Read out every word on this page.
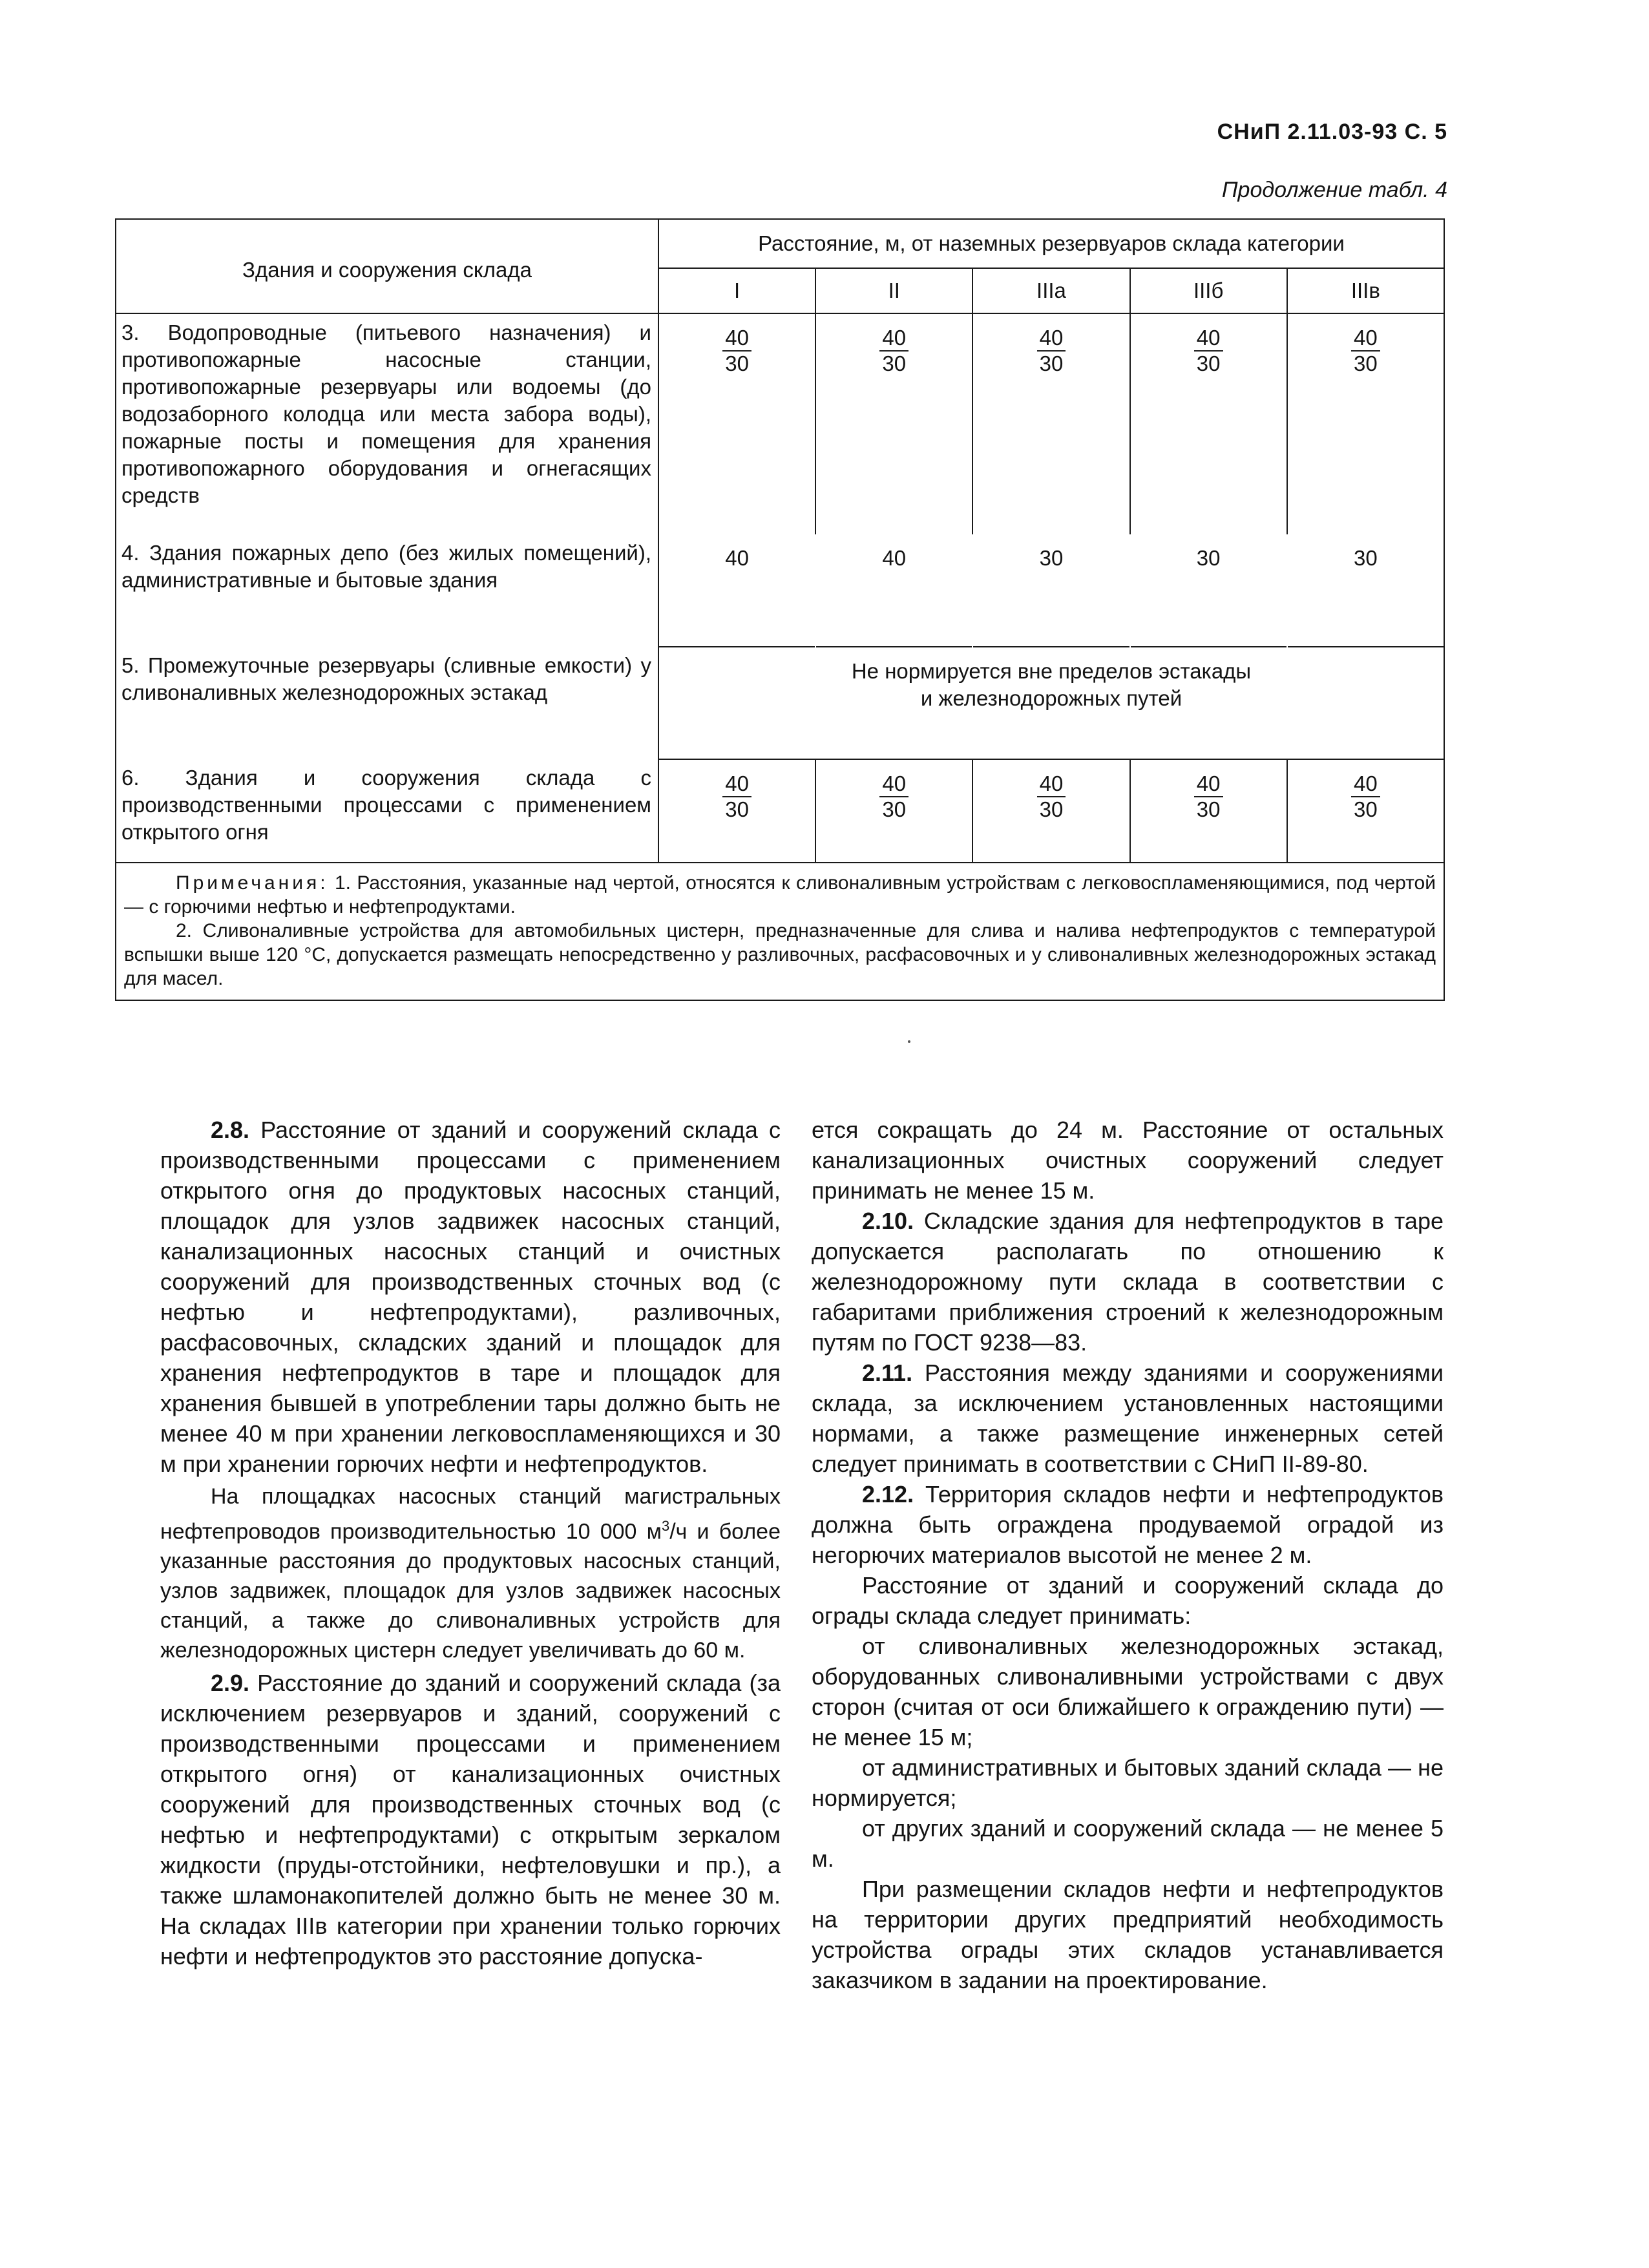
СНиП 2.11.03-93 С. 5
Продолжение табл. 4
Здания и сооружения склада	Расстояние, м, от наземных резервуаров склада категории				
	I	II	IIIа	IIIб	IIIв
3. Водопроводные (питьевого назначения) и противопожарные насосные станции, противопожарные резервуары или водоемы (до водозаборного колодца или места забора воды), пожарные посты и помещения для хранения противопожарного оборудования и огнегасящих средств	$\frac{40}{30}$	$\frac{40}{30}$	$\frac{40}{30}$	$\frac{40}{30}$	$\frac{40}{30}$

4. Здания пожарных депо (без жилых помещений), административные и бытовые здания	40	40	30	30	30
5. Промежуточные резервуары (сливные емкости) у сливоналивных железнодорожных эстакад	Не нормируется вне пределов эстакады
и железнодорожных путей				

6. Здания и сооружения склада с производственными процессами с применением открытого огня	$\frac{40}{30}$	$\frac{40}{30}$	$\frac{40}{30}$	$\frac{40}{30}$	$\frac{40}{30}$

Примечания: 1. Расстояния, указанные над чертой, относятся к сливоналивным устройствам с легковоспламеняющимися, под чертой — с горючими нефтью и нефтепродуктами.

2. Сливоналивные устройства для автомобильных цистерн, предназначенные для слива и налива нефтепродуктов с температурой вспышки выше 120 °С, допускается размещать непосредственно у разливочных, расфасовочных и у сливоналивных железнодорожных эстакад для масел.					

2.8. Расстояние от зданий и сооружений склада с производственными процессами с применением открытого огня до продуктовых насосных станций, площадок для узлов задвижек насосных станций, канализационных насосных станций и очистных сооружений для производственных сточных вод (с нефтью и нефтепродуктами), разливочных, расфасовочных, складских зданий и площадок для хранения нефтепродуктов в таре и площадок для хранения бывшей в употреблении тары должно быть не менее 40 м при хранении легковоспламеняющихся и 30 м при хранении горючих нефти и нефтепродуктов.

На площадках насосных станций магистральных нефтепроводов производительностью 10 000 $м^3/ч$ и более указанные расстояния до продуктовых насосных станций, узлов задвижек, площадок для узлов задвижек насосных станций, а также до сливоналивных устройств для железнодорожных цистерн следует увеличивать до 60 м.

2.9. Расстояние до зданий и сооружений склада (за исключением резервуаров и зданий, сооружений с производственными процессами и применением открытого огня) от канализационных очистных сооружений для производственных сточных вод (с нефтью и нефтепродуктами) с открытым зеркалом жидкости (пруды-отстойники, нефтеловушки и пр.), а также шламонакопителей должно быть не менее 30 м. На складах IIIв категории при хранении только горючих нефти и нефтепродуктов это расстояние допуска-

ется сокращать до 24 м. Расстояние от остальных канализационных очистных сооружений следует принимать не менее 15 м.

2.10. Складские здания для нефтепродуктов в таре допускается располагать по отношению к железнодорожному пути склада в соответствии с габаритами приближения строений к железнодорожным путям по ГОСТ 9238—83.

2.11. Расстояния между зданиями и сооружениями склада, за исключением установленных настоящими нормами, а также размещение инженерных сетей следует принимать в соответствии с СНиП II-89-80.

2.12. Территория складов нефти и нефтепродуктов должна быть ограждена продуваемой оградой из негорючих материалов высотой не менее 2 м.

Расстояние от зданий и сооружений склада до ограды склада следует принимать:

от сливоналивных железнодорожных эстакад, оборудованных сливоналивными устройствами с двух сторон (считая от оси ближайшего к ограждению пути) — не менее 15 м;

от административных и бытовых зданий склада — не нормируется;

от других зданий и сооружений склада — не менее 5 м.

При размещении складов нефти и нефтепродуктов на территории других предприятий необходимость устройства ограды этих складов устанавливается заказчиком в задании на проектирование.
